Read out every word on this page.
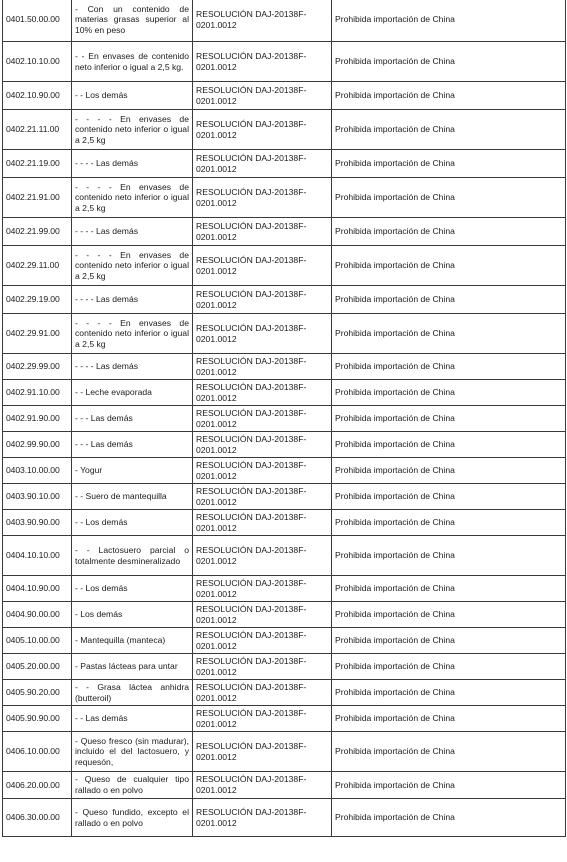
0401.50.00.00	- Con un contenido de materias grasas superior al 10% en peso	RESOLUCIÓN DAJ-20138F-0201.0012	Prohibida importación de China
0402.10.10.00	- - En envases de contenido neto inferior o igual a 2,5 kg.	RESOLUCIÓN DAJ-20138F-0201.0012	Prohibida importación de China
0402.10.90.00	- - Los demás	RESOLUCIÓN DAJ-20138F-0201.0012	Prohibida importación de China
0402.21.11.00	- - - - En envases de contenido neto inferior o igual a 2,5 kg	RESOLUCIÓN DAJ-20138F-0201.0012	Prohibida importación de China
0402.21.19.00	- - - - Las demás	RESOLUCIÓN DAJ-20138F-0201.0012	Prohibida importación de China
0402.21.91.00	- - - - En envases de contenido neto inferior o igual a 2,5 kg	RESOLUCIÓN DAJ-20138F-0201.0012	Prohibida importación de China
0402.21.99.00	- - - - Las demás	RESOLUCIÓN DAJ-20138F-0201.0012	Prohibida importación de China
0402.29.11.00	- - - - En envases de contenido neto inferior o igual a 2,5 kg	RESOLUCIÓN DAJ-20138F-0201.0012	Prohibida importación de China
0402.29.19.00	- - - - Las demás	RESOLUCIÓN DAJ-20138F-0201.0012	Prohibida importación de China
0402.29.91.00	- - - - En envases de contenido neto inferior o igual a 2,5 kg	RESOLUCIÓN DAJ-20138F-0201.0012	Prohibida importación de China
0402.29.99.00	- - - - Las demás	RESOLUCIÓN DAJ-20138F-0201.0012	Prohibida importación de China
0402.91.10.00	- - Leche evaporada	RESOLUCIÓN DAJ-20138F-0201.0012	Prohibida importación de China
0402.91.90.00	- - - Las demás	RESOLUCIÓN DAJ-20138F-0201.0012	Prohibida importación de China
0402.99.90.00	- - - Las demás	RESOLUCIÓN DAJ-20138F-0201.0012	Prohibida importación de China
0403.10.00.00	- Yogur	RESOLUCIÓN DAJ-20138F-0201.0012	Prohibida importación de China
0403.90.10.00	- - Suero de mantequilla	RESOLUCIÓN DAJ-20138F-0201.0012	Prohibida importación de China
0403.90.90.00	- - Los demás	RESOLUCIÓN DAJ-20138F-0201.0012	Prohibida importación de China
0404.10.10.00	- - Lactosuero parcial o totalmente desmineralizado	RESOLUCIÓN DAJ-20138F-0201.0012	Prohibida importación de China
0404.10.90.00	- - Los demás	RESOLUCIÓN DAJ-20138F-0201.0012	Prohibida importación de China
0404.90.00.00	- Los demás	RESOLUCIÓN DAJ-20138F-0201.0012	Prohibida importación de China
0405.10.00.00	- Mantequilla (manteca)	RESOLUCIÓN DAJ-20138F-0201.0012	Prohibida importación de China
0405.20.00.00	- Pastas lácteas para untar	RESOLUCIÓN DAJ-20138F-0201.0012	Prohibida importación de China
0405.90.20.00	- - Grasa láctea anhidra (butteroil)	RESOLUCIÓN DAJ-20138F-0201.0012	Prohibida importación de China
0405.90.90.00	- - Las demás	RESOLUCIÓN DAJ-20138F-0201.0012	Prohibida importación de China
0406.10.00.00	- Queso fresco (sin madurar), incluido el del lactosuero, y requesón,	RESOLUCIÓN DAJ-20138F-0201.0012	Prohibida importación de China
0406.20.00.00	- Queso de cualquier tipo rallado o en polvo	RESOLUCIÓN DAJ-20138F-0201.0012	Prohibida importación de China
0406.30.00.00	- Queso fundido, excepto el rallado o en polvo	RESOLUCIÓN DAJ-20138F-0201.0012	Prohibida importación de China
